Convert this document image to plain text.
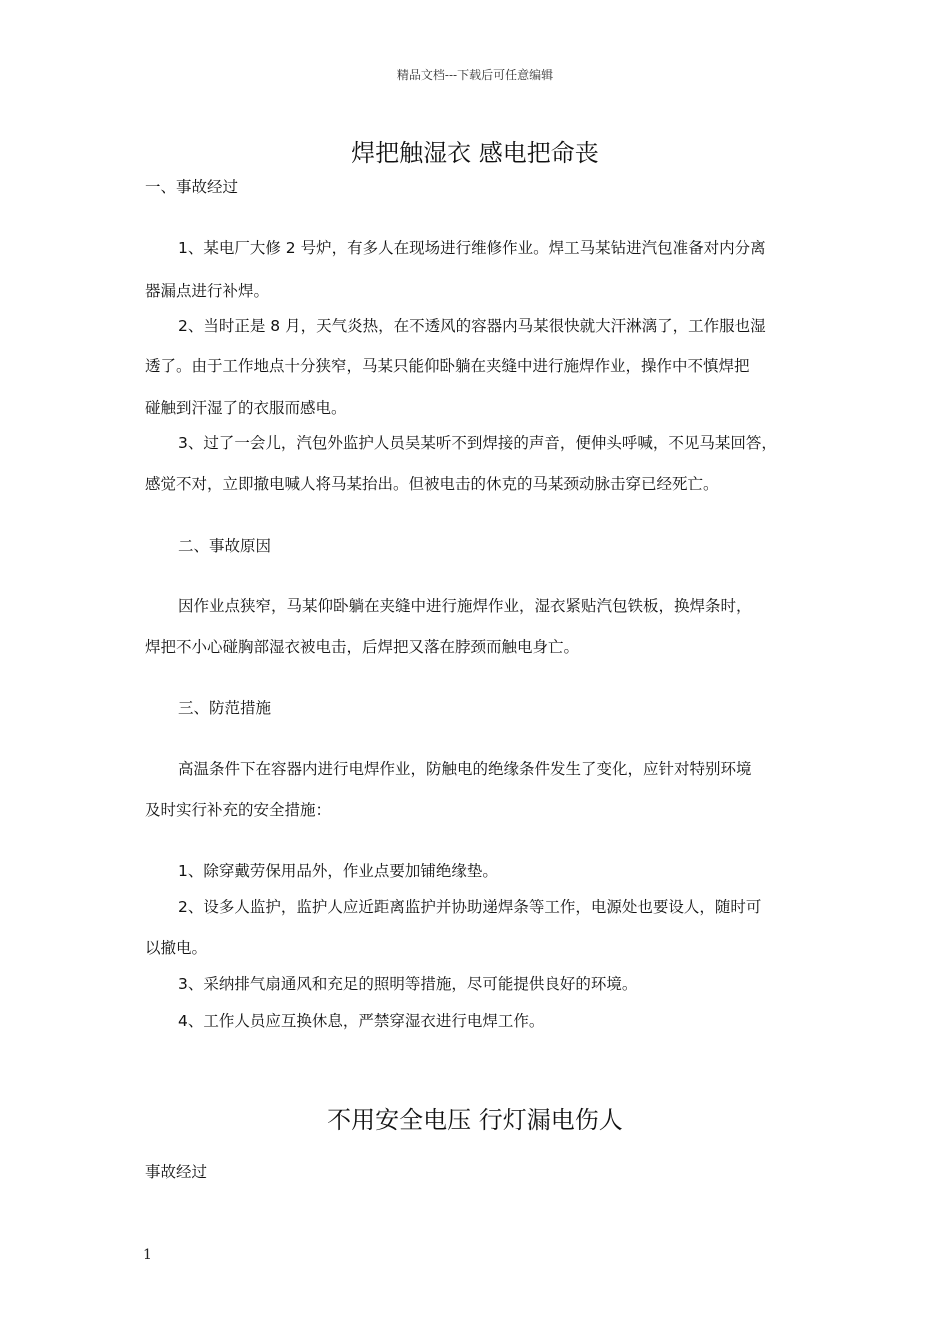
精品文档---下载后可任意编辑
焊把触湿衣 感电把命丧
一、事故经过
1、某电厂大修 2 号炉，有多人在现场进行维修作业。焊工马某钻进汽包准备对内分离
器漏点进行补焊。
2、当时正是 8 月，天气炎热，在不透风的容器内马某很快就大汗淋漓了，工作服也湿
透了。由于工作地点十分狭窄，马某只能仰卧躺在夹缝中进行施焊作业，操作中不慎焊把
碰触到汗湿了的衣服而感电。
3、过了一会儿，汽包外监护人员吴某听不到焊接的声音，便伸头呼喊，不见马某回答，
感觉不对，立即撤电喊人将马某抬出。但被电击的休克的马某颈动脉击穿已经死亡。
二、事故原因
因作业点狭窄，马某仰卧躺在夹缝中进行施焊作业，湿衣紧贴汽包铁板，换焊条时，
焊把不小心碰胸部湿衣被电击，后焊把又落在脖颈而触电身亡。
三、防范措施
高温条件下在容器内进行电焊作业，防触电的绝缘条件发生了变化，应针对特别环境
及时实行补充的安全措施：
1、除穿戴劳保用品外，作业点要加铺绝缘垫。
2、设多人监护，监护人应近距离监护并协助递焊条等工作，电源处也要设人，随时可
以撤电。
3、采纳排气扇通风和充足的照明等措施，尽可能提供良好的环境。
4、工作人员应互换休息，严禁穿湿衣进行电焊工作。
不用安全电压 行灯漏电伤人
事故经过
1
